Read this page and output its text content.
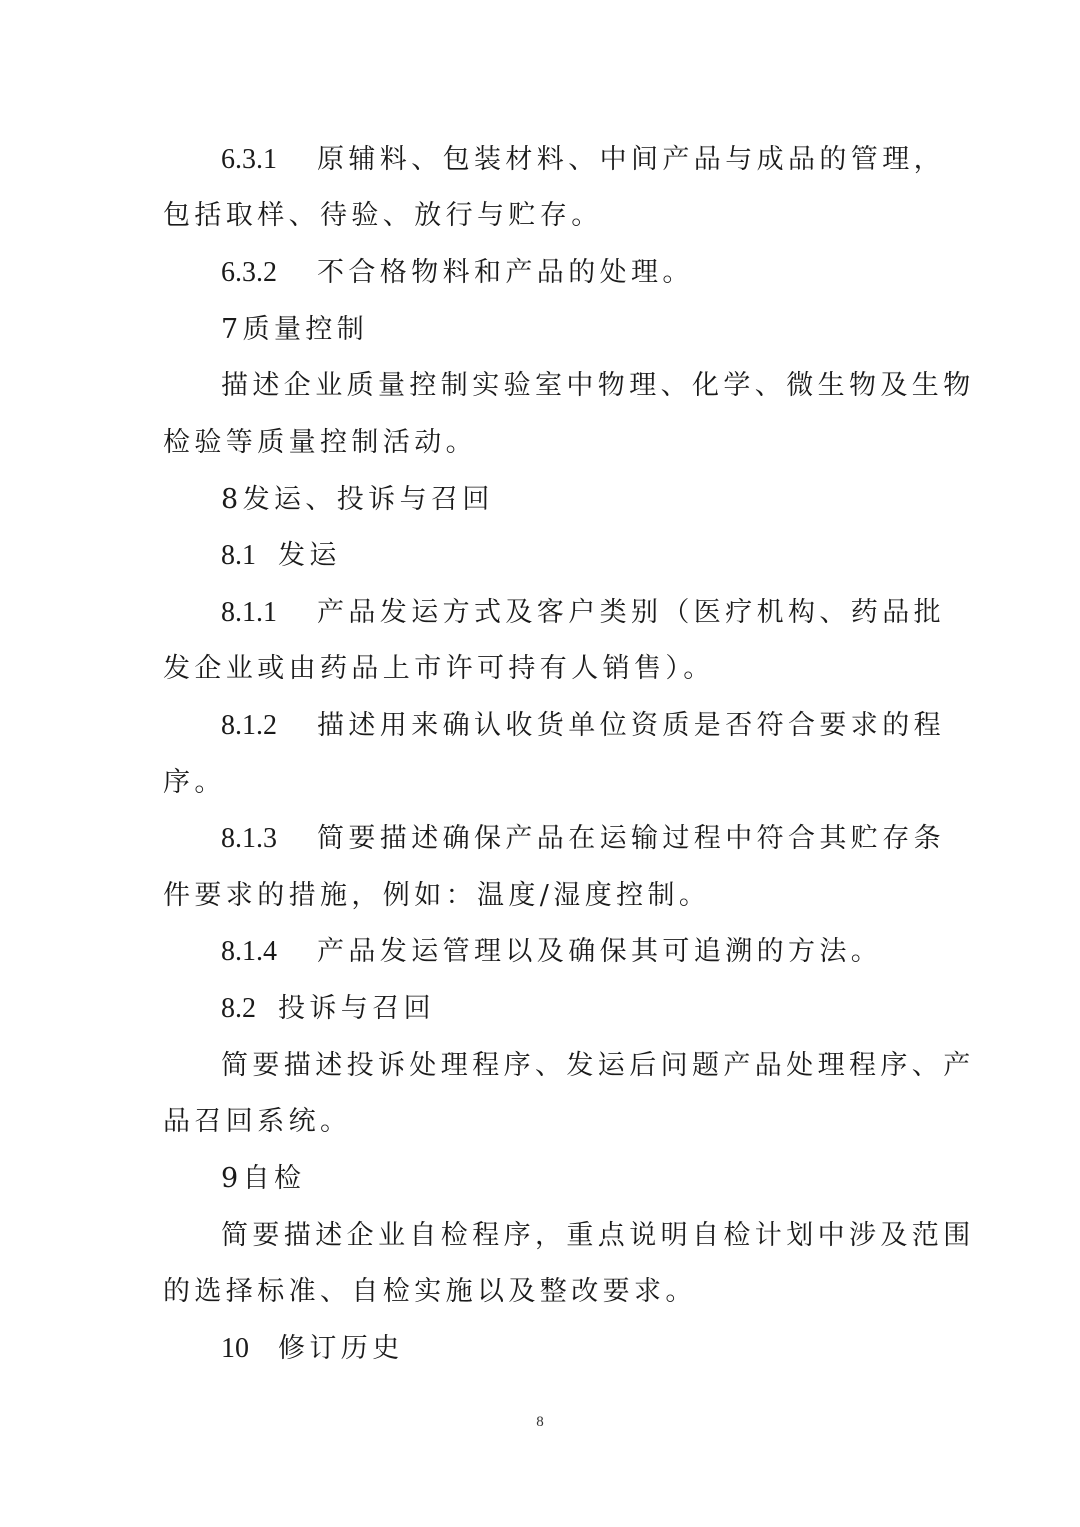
6.3.1 原辅料、包装材料、中间产品与成品的管理，
包括取样、待验、放行与贮存。
6.3.2 不合格物料和产品的处理。
7质量控制
描述企业质量控制实验室中物理、化学、微生物及生物
检验等质量控制活动。
8发运、投诉与召回
8.1 发运
8.1.1 产品发运方式及客户类别（医疗机构、药品批
发企业或由药品上市许可持有人销售）。
8.1.2 描述用来确认收货单位资质是否符合要求的程
序。
8.1.3 简要描述确保产品在运输过程中符合其贮存条
件要求的措施，例如：温度/湿度控制。
8.1.4 产品发运管理以及确保其可追溯的方法。
8.2 投诉与召回
简要描述投诉处理程序、发运后问题产品处理程序、产
品召回系统。
9自检
简要描述企业自检程序，重点说明自检计划中涉及范围
的选择标准、自检实施以及整改要求。
10 修订历史
8
